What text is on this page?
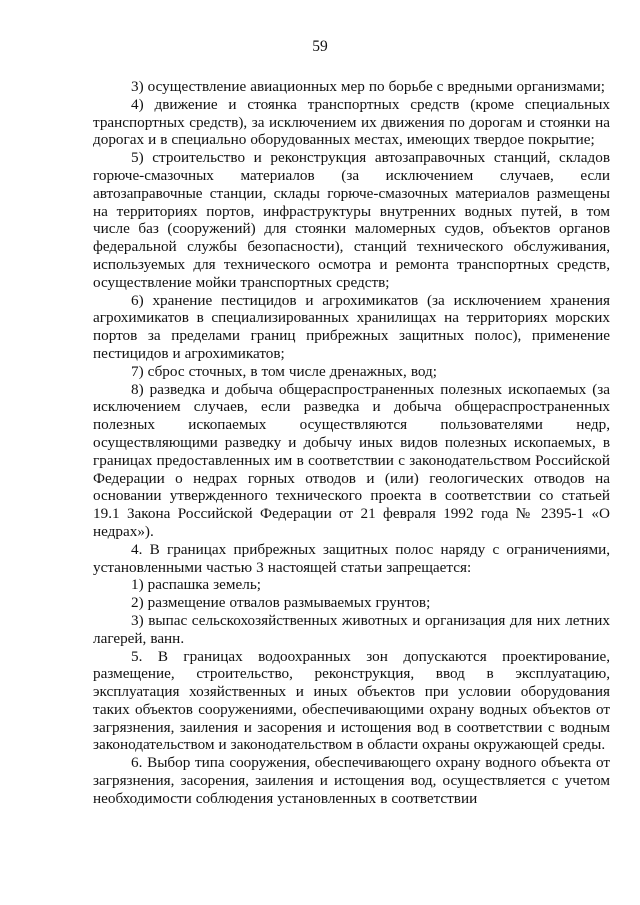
59

3) осуществление авиационных мер по борьбе с вредными организмами;

4) движение и стоянка транспортных средств (кроме специальных транспортных средств), за исключением их движения по дорогам и стоянки на дорогах и в специально оборудованных местах, имеющих твердое покрытие;

5) строительство и реконструкция автозаправочных станций, складов горюче-смазочных материалов (за исключением случаев, если автозаправочные станции, склады горюче-смазочных материалов размещены на территориях портов, инфраструктуры внутренних водных путей, в том числе баз (сооружений) для стоянки маломерных судов, объектов органов федеральной службы безопасности), станций технического обслуживания, используемых для технического осмотра и ремонта транспортных средств, осуществление мойки транспортных средств;

6) хранение пестицидов и агрохимикатов (за исключением хранения агрохимикатов в специализированных хранилищах на территориях морских портов за пределами границ прибрежных защитных полос), применение пестицидов и агрохимикатов;

7) сброс сточных, в том числе дренажных, вод;

8) разведка и добыча общераспространенных полезных ископаемых (за исключением случаев, если разведка и добыча общераспространенных полезных ископаемых осуществляются пользователями недр, осуществляющими разведку и добычу иных видов полезных ископаемых, в границах предоставленных им в соответствии с законодательством Российской Федерации о недрах горных отводов и (или) геологических отводов на основании утвержденного технического проекта в соответствии со статьей 19.1 Закона Российской Федерации от 21 февраля 1992 года № 2395-1 «О недрах»).

4. В границах прибрежных защитных полос наряду с ограничениями, установленными частью 3 настоящей статьи запрещается:

1) распашка земель;

2) размещение отвалов размываемых грунтов;

3) выпас сельскохозяйственных животных и организация для них летних лагерей, ванн.

5. В границах водоохранных зон допускаются проектирование, размещение, строительство, реконструкция, ввод в эксплуатацию, эксплуатация хозяйственных и иных объектов при условии оборудования таких объектов сооружениями, обеспечивающими охрану водных объектов от загрязнения, заиления и засорения и истощения вод в соответствии с водным законодательством и законодательством в области охраны окружающей среды.

6. Выбор типа сооружения, обеспечивающего охрану водного объекта от загрязнения, засорения, заиления и истощения вод, осуществляется с учетом необходимости соблюдения установленных в соответствии
